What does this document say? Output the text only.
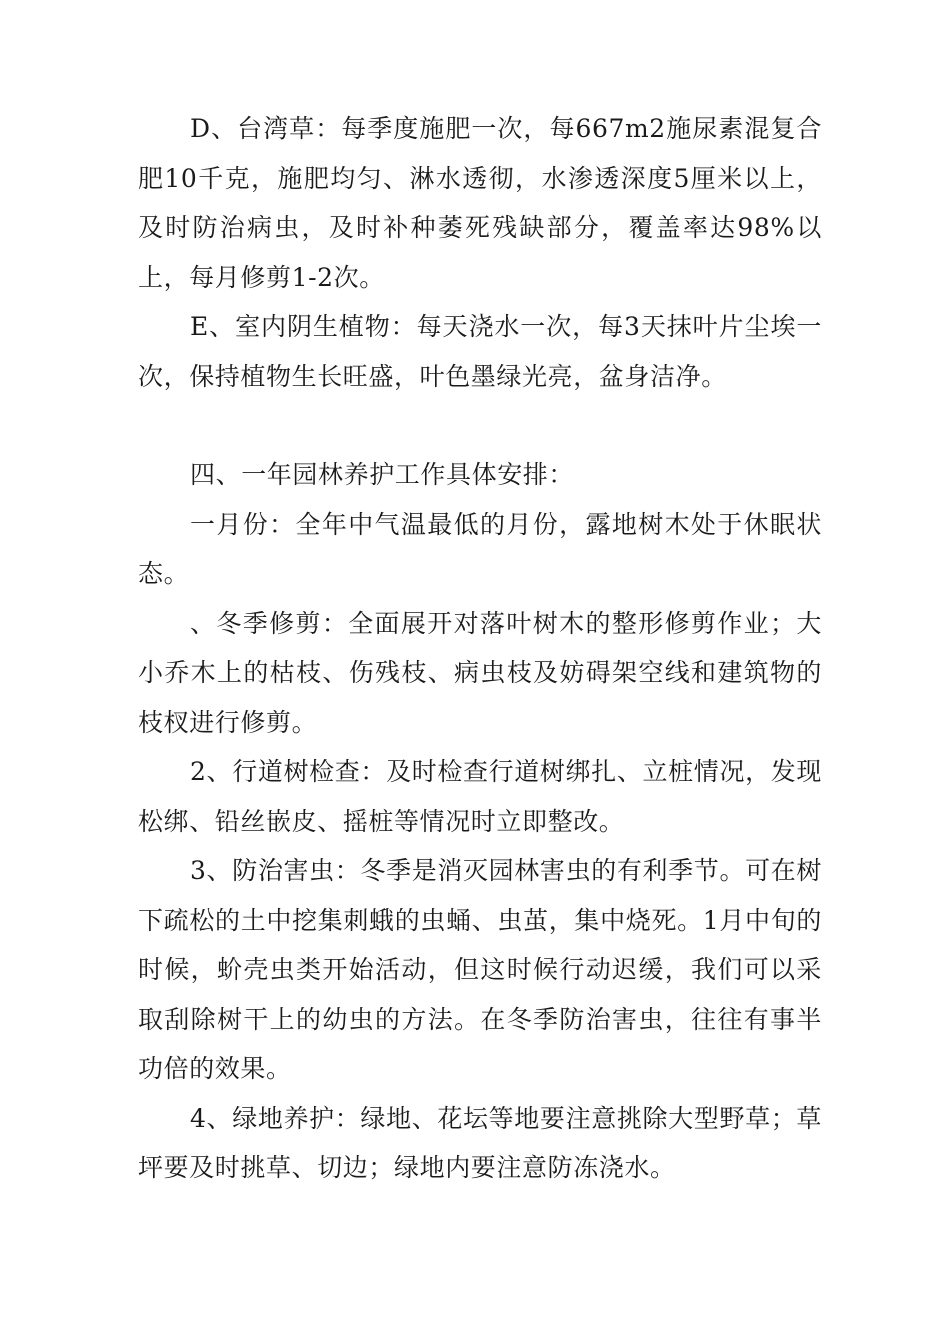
D、台湾草：每季度施肥一次，每667m2施尿素混复合肥10千克，施肥均匀、淋水透彻，水渗透深度5厘米以上，及时防治病虫，及时补种萎死残缺部分，覆盖率达98%以上，每月修剪1-2次。

E、室内阴生植物：每天浇水一次，每3天抹叶片尘埃一次，保持植物生长旺盛，叶色墨绿光亮，盆身洁净。

四、一年园林养护工作具体安排：

一月份：全年中气温最低的月份，露地树木处于休眠状态。

、冬季修剪：全面展开对落叶树木的整形修剪作业；大小乔木上的枯枝、伤残枝、病虫枝及妨碍架空线和建筑物的枝杈进行修剪。

2、行道树检查：及时检查行道树绑扎、立桩情况，发现松绑、铅丝嵌皮、摇桩等情况时立即整改。

3、防治害虫：冬季是消灭园林害虫的有利季节。可在树下疏松的土中挖集刺蛾的虫蛹、虫茧，集中烧死。1月中旬的时候，蚧壳虫类开始活动，但这时候行动迟缓，我们可以采取刮除树干上的幼虫的方法。在冬季防治害虫，往往有事半功倍的效果。

4、绿地养护：绿地、花坛等地要注意挑除大型野草；草坪要及时挑草、切边；绿地内要注意防冻浇水。
